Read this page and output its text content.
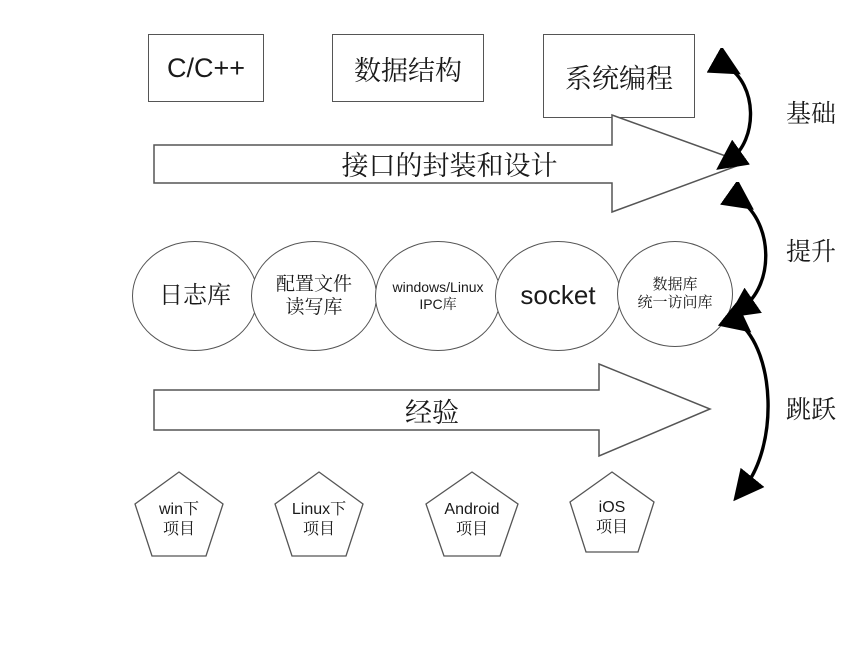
C/C++	数据结构	系统编程
接口的封装和设计
日志库 配置文件
读写库
windows/Linux
IPC库 socket	数据库
统一访问库
经验
win下
项目
Linux下
项目
Android
项目
iOS
项目
基础
提升
跳跃
